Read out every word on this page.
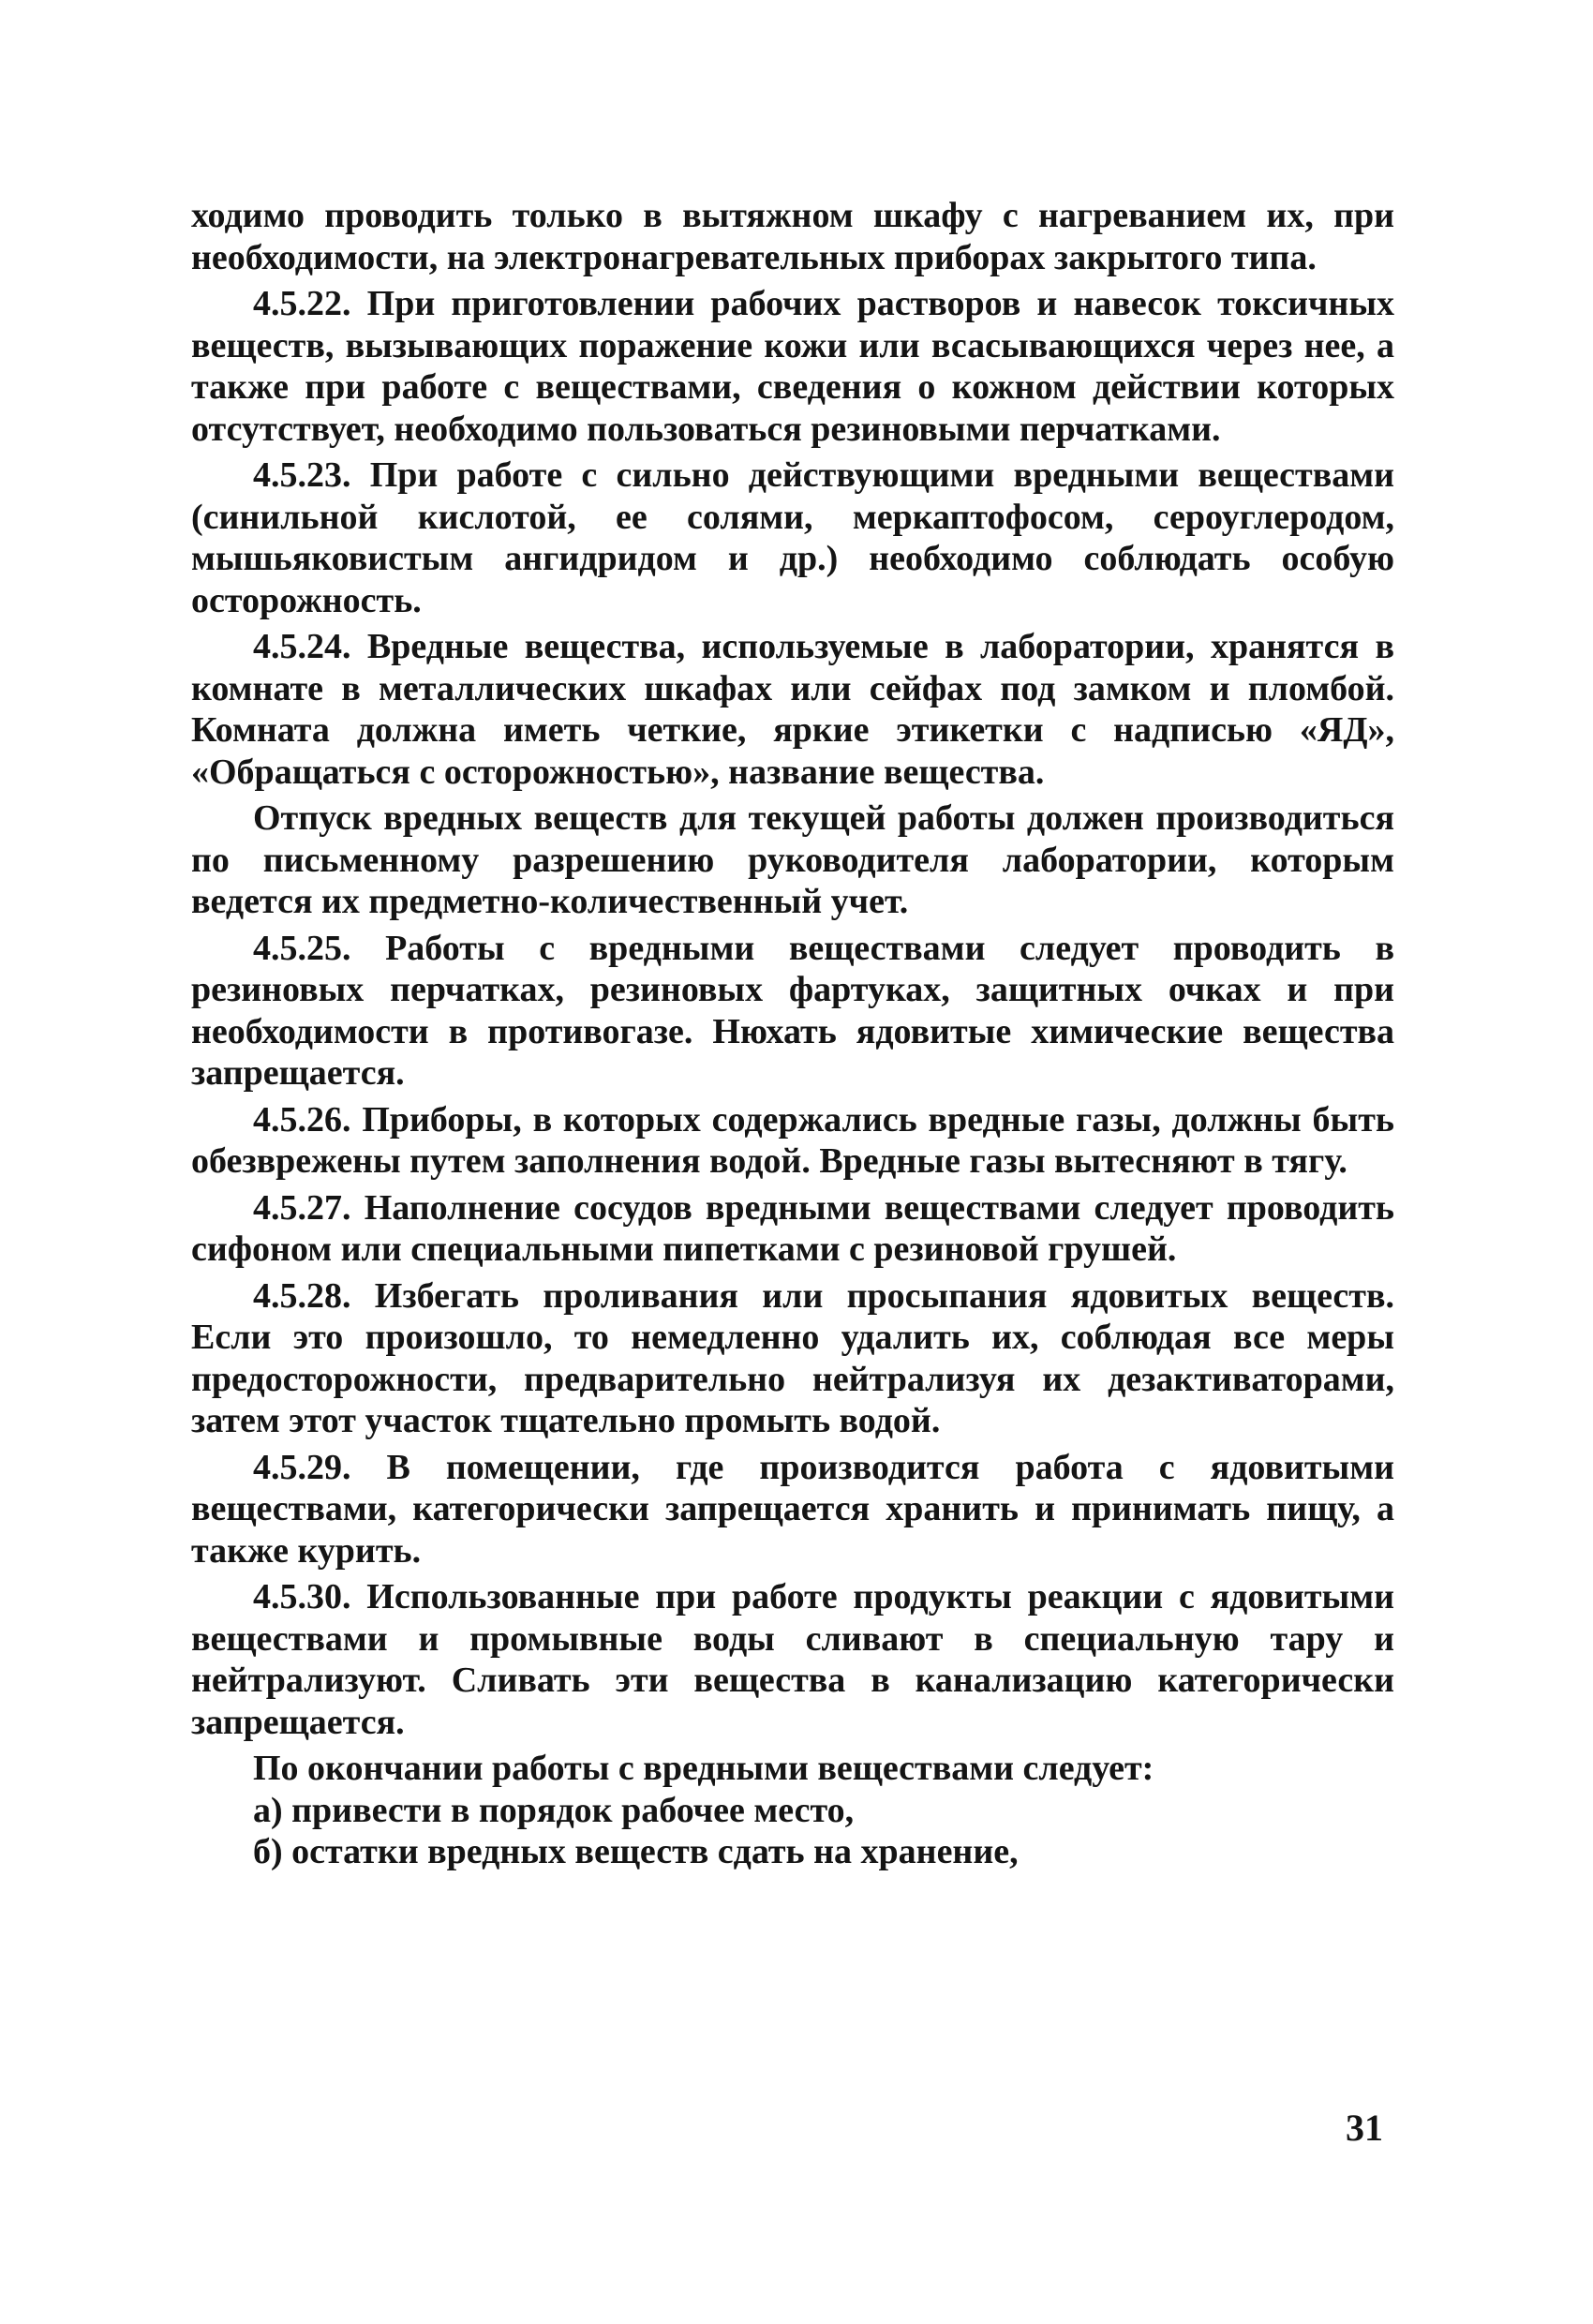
ходимо проводить только в вытяжном шкафу с нагреванием их, при необходимости, на электронагревательных приборах закрытого типа.

4.5.22. При приготовлении рабочих растворов и навесок токсичных веществ, вызывающих поражение кожи или всасывающихся через нее, а также при работе с веществами, сведения о кожном действии которых отсутствует, необходимо пользоваться резиновыми перчатками.

4.5.23. При работе с сильно действующими вредными веществами (синильной кислотой, ее солями, меркаптофосом, сероуглеродом, мышьяковистым ангидридом и др.) необходимо соблюдать особую осторожность.

4.5.24. Вредные вещества, используемые в лаборатории, хранятся в комнате в металлических шкафах или сейфах под замком и пломбой. Комната должна иметь четкие, яркие этикетки с надписью «ЯД», «Обращаться с осторожностью», название вещества.

Отпуск вредных веществ для текущей работы должен производиться по письменному разрешению руководителя лаборатории, которым ведется их предметно-количественный учет.

4.5.25. Работы с вредными веществами следует проводить в резиновых перчатках, резиновых фартуках, защитных очках и при необходимости в противогазе. Нюхать ядовитые химические вещества запрещается.

4.5.26. Приборы, в которых содержались вредные газы, должны быть обезврежены путем заполнения водой. Вредные газы вытесняют в тягу.

4.5.27. Наполнение сосудов вредными веществами следует проводить сифоном или специальными пипетками с резиновой грушей.

4.5.28. Избегать проливания или просыпания ядовитых веществ. Если это произошло, то немедленно удалить их, соблюдая все меры предосторожности, предварительно нейтрализуя их дезактиваторами, затем этот участок тщательно промыть водой.

4.5.29. В помещении, где производится работа с ядовитыми веществами, категорически запрещается хранить и принимать пищу, а также курить.

4.5.30. Использованные при работе продукты реакции с ядовитыми веществами и промывные воды сливают в специальную тару и нейтрализуют. Сливать эти вещества в канализацию категорически запрещается.

По окончании работы с вредными веществами следует:

а) привести в порядок рабочее место,

б) остатки вредных веществ сдать на хранение,

31
